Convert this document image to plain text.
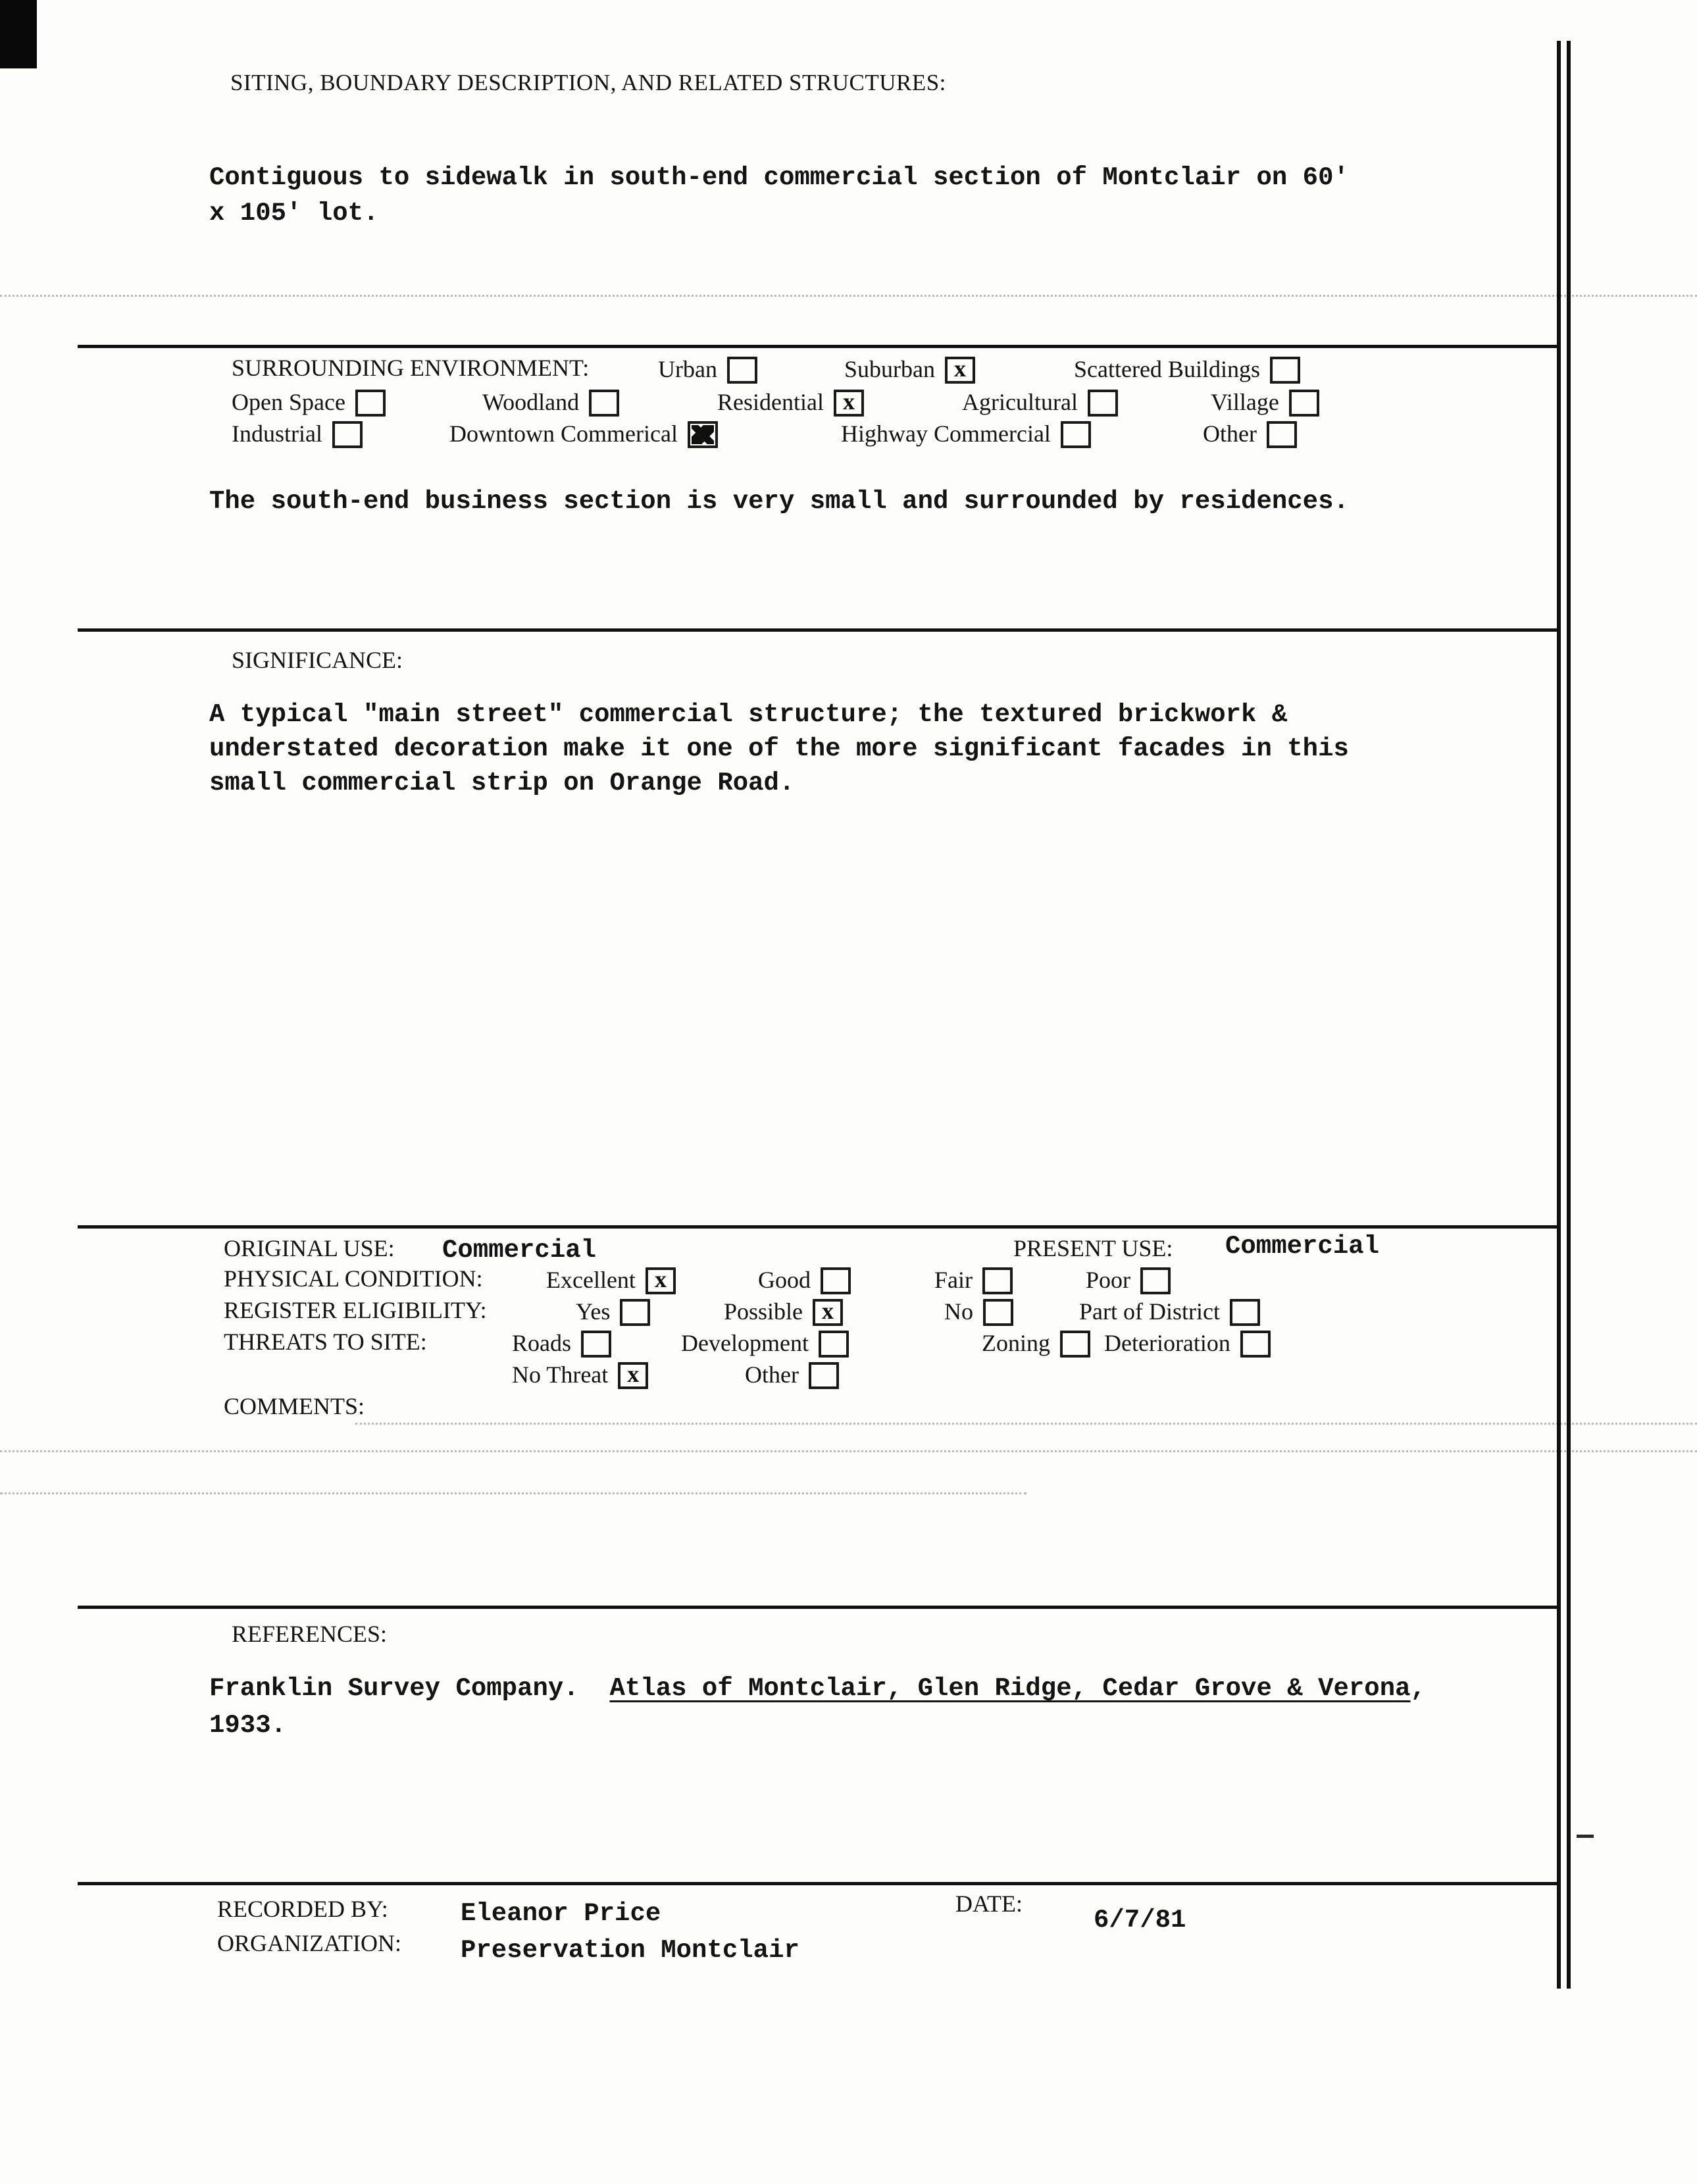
SITING, BOUNDARY DESCRIPTION, AND RELATED STRUCTURES:
Contiguous to sidewalk in south-end commercial section of Montclair on 60'
x 105' lot.
SURROUNDING ENVIRONMENT:	Urban	Suburban x	Scattered Buildings
Open Space	Woodland	Residential x	Agricultural	Village
Industrial	Downtown Commerical	Highway Commercial	Other
The south-end business section is very small and surrounded by residences.
SIGNIFICANCE:
A typical "main street" commercial structure; the textured brickwork &
understated decoration make it one of the more significant facades in this
small commercial strip on Orange Road.
ORIGINAL USE: Commercial	PRESENT USE: Commercial
PHYSICAL CONDITION:	Excellent x	Good	Fair	Poor
REGISTER ELIGIBILITY:	Yes	Possible x	No	Part of District
THREATS TO SITE:	Roads	Development	Zoning Deterioration
No Threat x	Other
COMMENTS:
REFERENCES:
Franklin Survey Company.  Atlas of Montclair, Glen Ridge, Cedar Grove & Verona,
1933.
RECORDED BY:	Eleanor Price	DATE:
6/7/81
ORGANIZATION: Preservation Montclair
